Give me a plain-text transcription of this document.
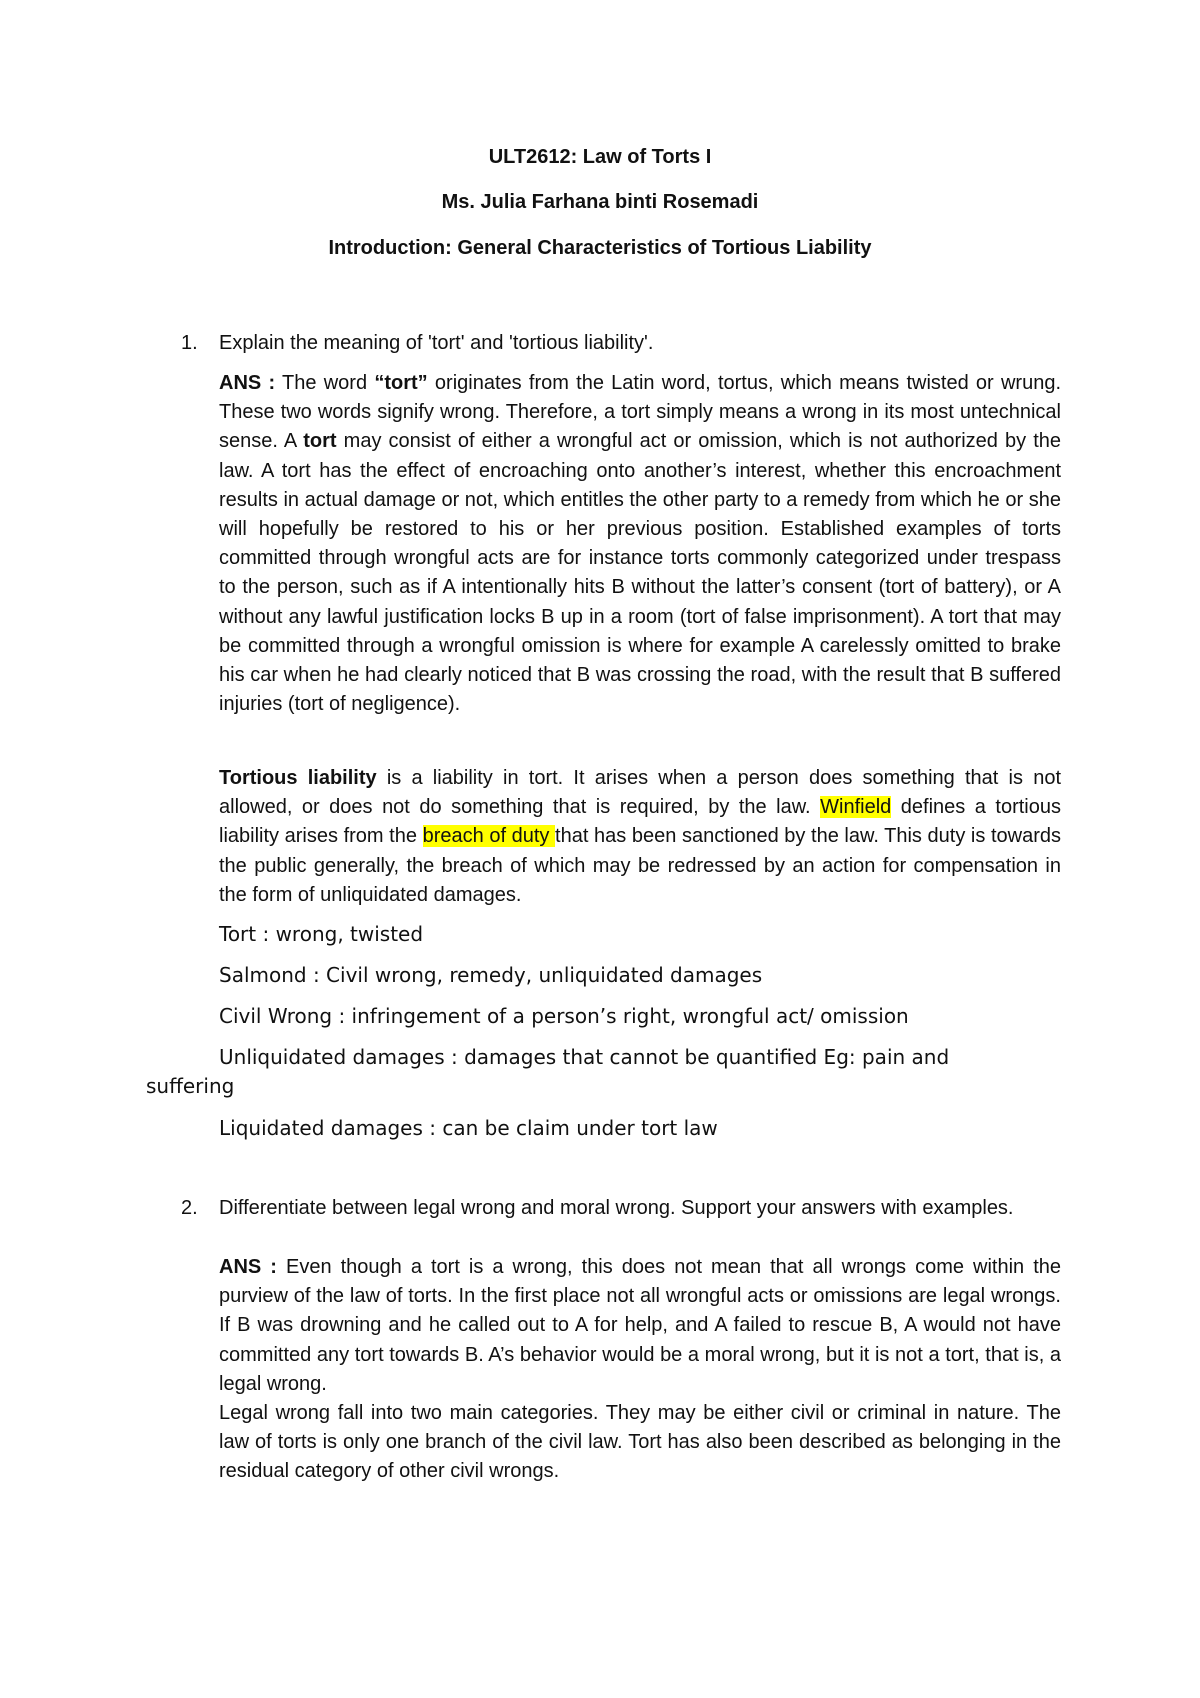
ULT2612: Law of Torts I
Ms. Julia Farhana binti Rosemadi
Introduction: General Characteristics of Tortious Liability
1. Explain the meaning of 'tort' and 'tortious liability'.
ANS : The word “tort” originates from the Latin word, tortus, which means twisted or wrung. These two words signify wrong. Therefore, a tort simply means a wrong in its most untechnical sense. A tort may consist of either a wrongful act or omission, which is not authorized by the law. A tort has the effect of encroaching onto another’s interest, whether this encroachment results in actual damage or not, which entitles the other party to a remedy from which he or she will hopefully be restored to his or her previous position. Established examples of torts committed through wrongful acts are for instance torts commonly categorized under trespass to the person, such as if A intentionally hits B without the latter’s consent (tort of battery), or A without any lawful justification locks B up in a room (tort of false imprisonment). A tort that may be committed through a wrongful omission is where for example A carelessly omitted to brake his car when he had clearly noticed that B was crossing the road, with the result that B suffered injuries (tort of negligence).
Tortious liability is a liability in tort. It arises when a person does something that is not allowed, or does not do something that is required, by the law. Winfield defines a tortious liability arises from the breach of duty that has been sanctioned by the law. This duty is towards the public generally, the breach of which may be redressed by an action for compensation in the form of unliquidated damages.
Tort : wrong, twisted
Salmond : Civil wrong, remedy, unliquidated damages
Civil Wrong : infringement of a person’s right, wrongful act/ omission
Unliquidated damages : damages that cannot be quantified Eg: pain and
suffering
Liquidated damages : can be claim under tort law
2. Differentiate between legal wrong and moral wrong. Support your answers with examples.
ANS : Even though a tort is a wrong, this does not mean that all wrongs come within the purview of the law of torts. In the first place not all wrongful acts or omissions are legal wrongs. If B was drowning and he called out to A for help, and A failed to rescue B, A would not have committed any tort towards B. A’s behavior would be a moral wrong, but it is not a tort, that is, a legal wrong.
Legal wrong fall into two main categories. They may be either civil or criminal in nature. The law of torts is only one branch of the civil law. Tort has also been described as belonging in the residual category of other civil wrongs.
